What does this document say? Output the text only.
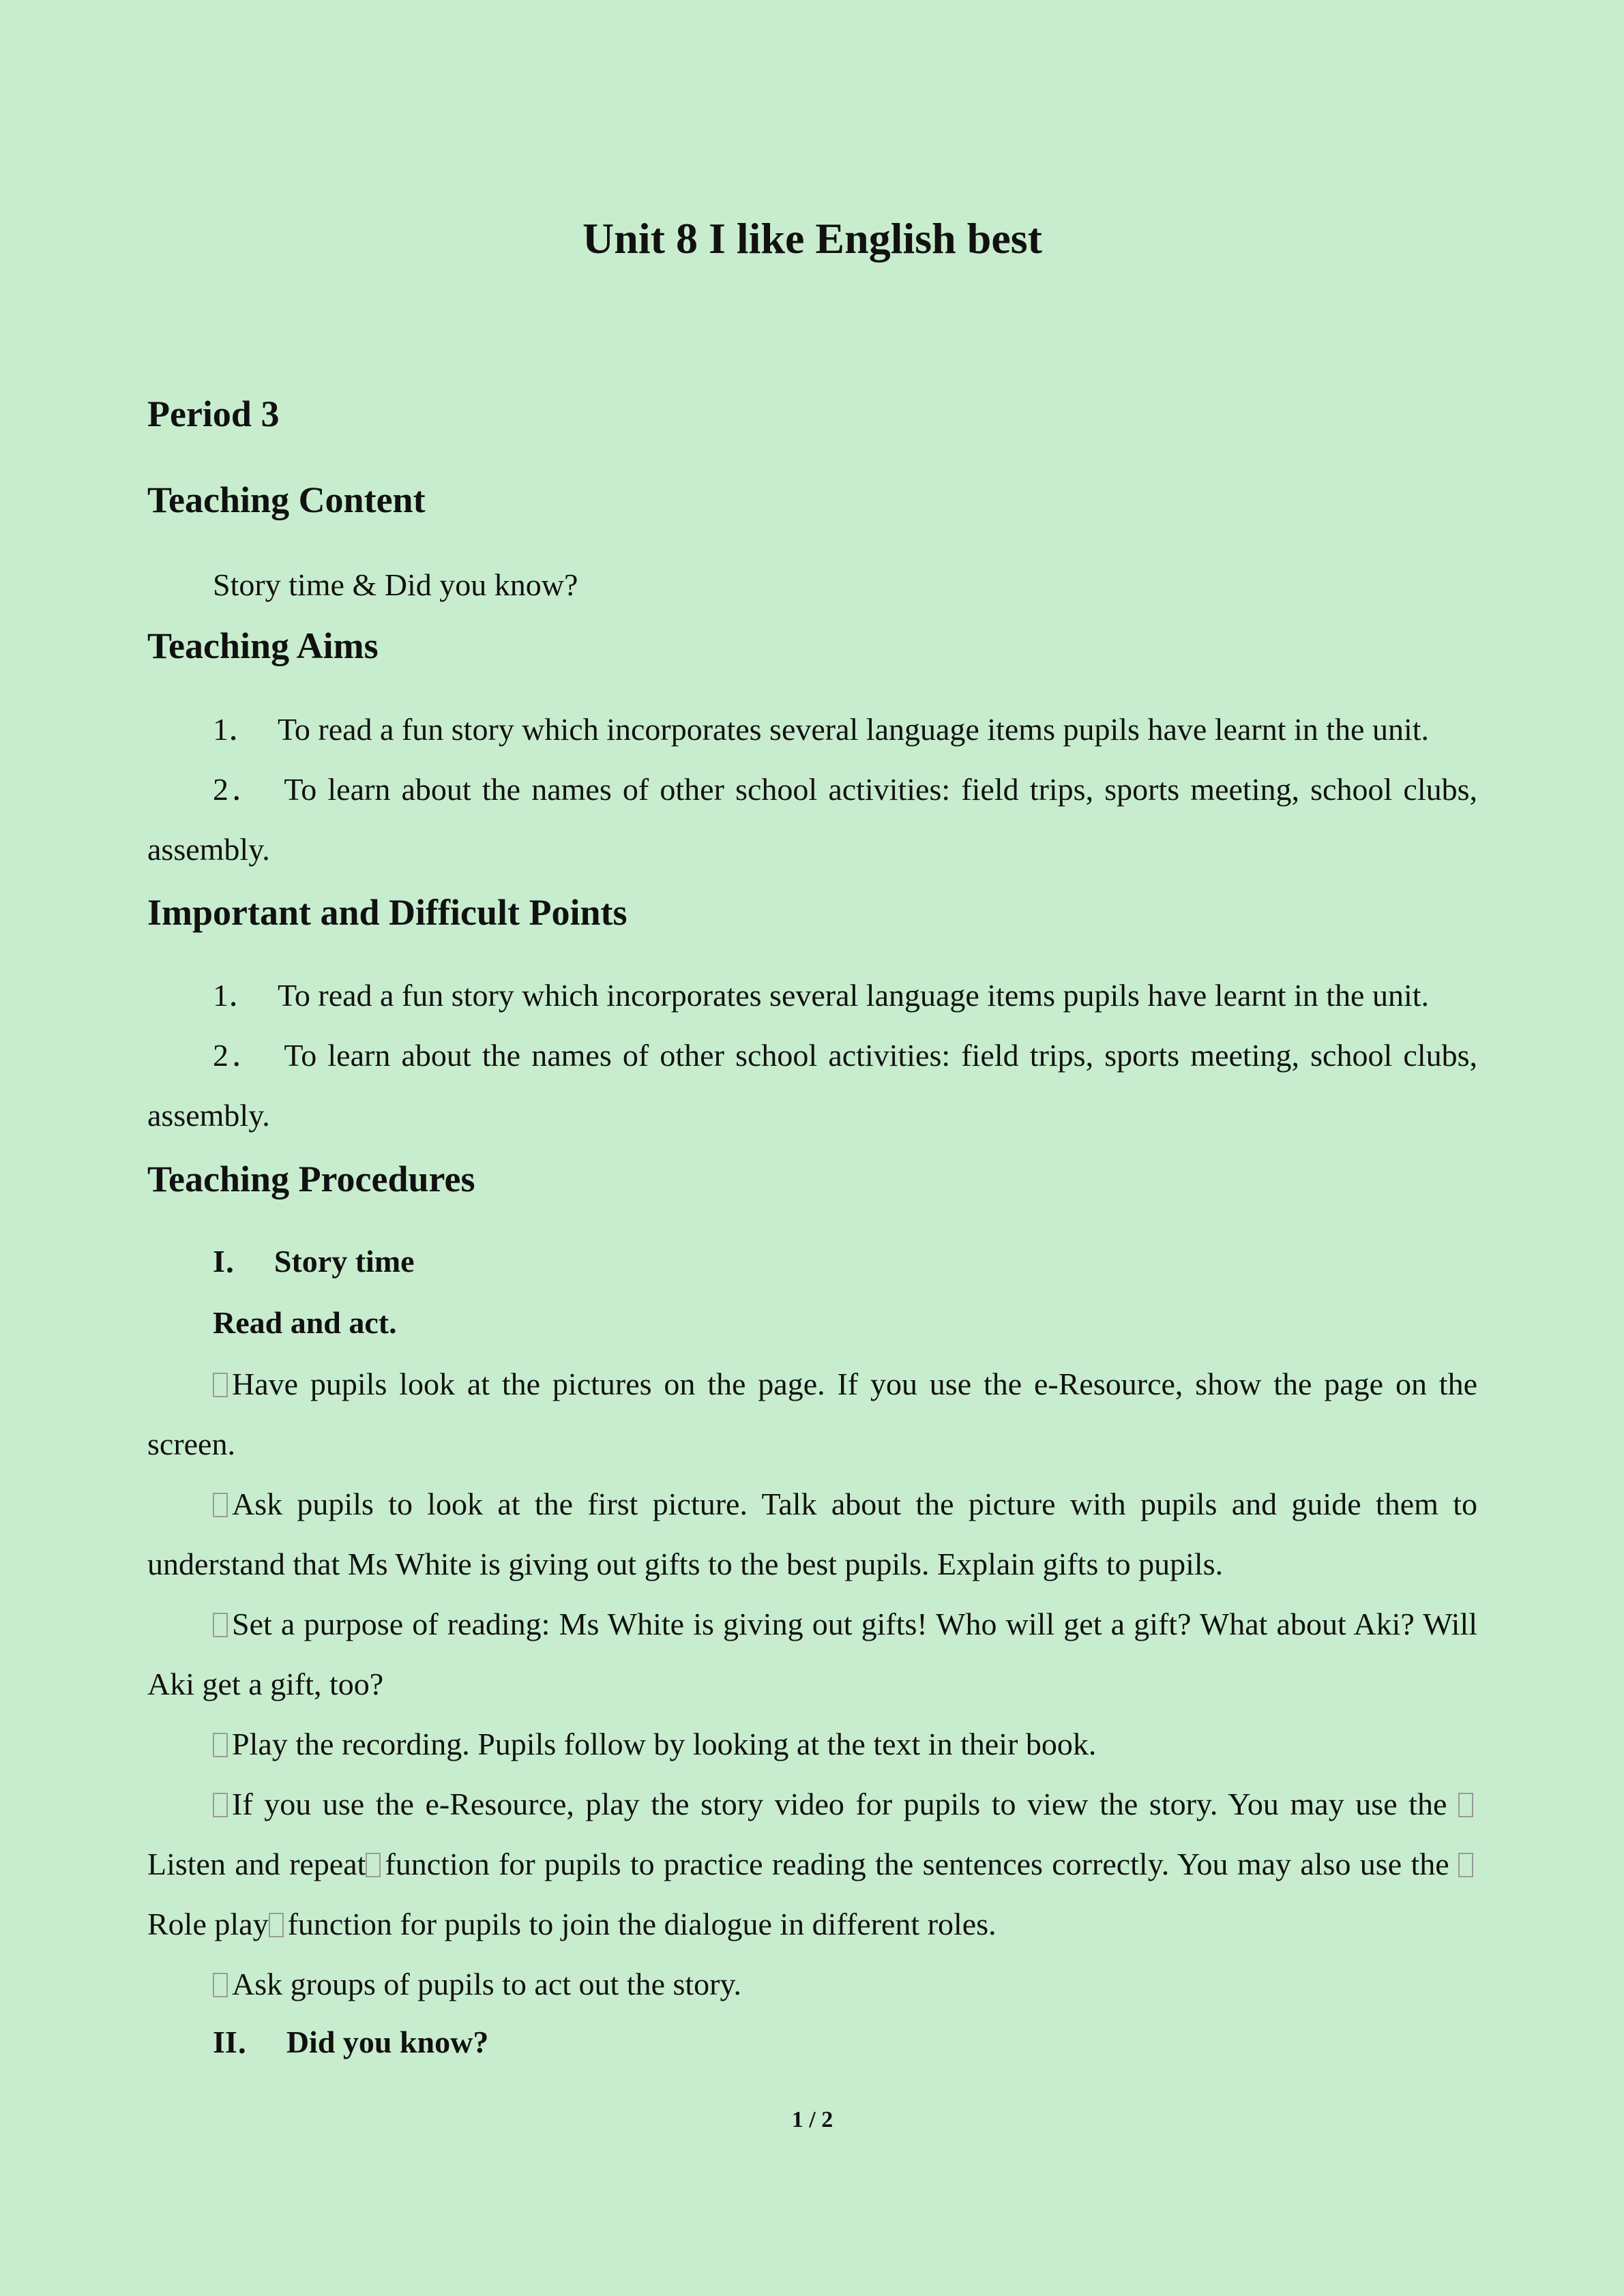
Unit 8 I like English best
Period 3
Teaching Content

Story time & Did you know?

Teaching Aims

1． To read a fun story which incorporates several language items pupils have learnt in the unit.

2． To learn about the names of other school activities: field trips, sports meeting, school clubs, assembly.

Important and Difficult Points

1． To read a fun story which incorporates several language items pupils have learnt in the unit.

2． To learn about the names of other school activities: field trips, sports meeting, school clubs, assembly.

Teaching Procedures

I． Story time

Read and act.

Have pupils look at the pictures on the page. If you use the e-Resource, show the page on the screen.

Ask pupils to look at the first picture. Talk about the picture with pupils and guide them to understand that Ms White is giving out gifts to the best pupils. Explain gifts to pupils.

Set a purpose of reading: Ms White is giving out gifts! Who will get a gift? What about Aki? Will Aki get a gift, too?

Play the recording. Pupils follow by looking at the text in their book.

If you use the e-Resource, play the story video for pupils to view the story. You may use the Listen and repeat function for pupils to practice reading the sentences correctly. You may also use the Role play function for pupils to join the dialogue in different roles.

Ask groups of pupils to act out the story.

II． Did you know?

1 / 2
